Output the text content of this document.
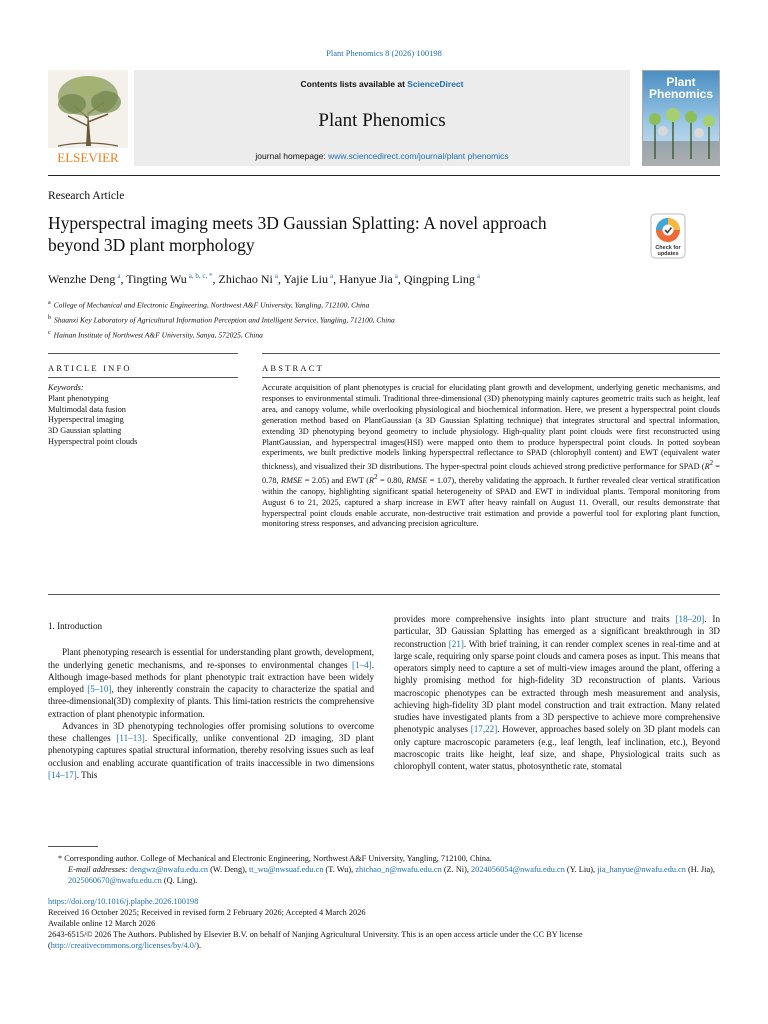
Plant Phenomics 8 (2026) 100198
ELSEVIER
Contents lists available at ScienceDirect
Plant Phenomics
journal homepage: www.sciencedirect.com/journal/plant phenomics
Plant
Phenomics
Research Article
Hyperspectral imaging meets 3D Gaussian Splatting: A novel approach
beyond 3D plant morphology	Check for
updates
Wenzhe Deng $^a$, Tingting Wu $^{a, b, c, *}$, Zhichao Ni $^a$, Yajie Liu $^a$, Hanyue Jia $^a$, Qingping Ling $^a$
$^a$ College of Mechanical and Electronic Engineering, Northwest A&F University, Yangling, 712100, China
$^b$ Shaanxi Key Laboratory of Agricultural Information Perception and Intelligent Service, Yangling, 712100, China
$^c$ Hainan Institute of Northwest A&F University, Sanya, 572025, China
ARTICLE INFO	ABSTRACT
Keywords:
Plant phenotyping
Multimodal data fusion
Hyperspectral imaging
3D Gaussian splatting
Hyperspectral point clouds
Accurate acquisition of plant phenotypes is crucial for elucidating plant growth and development, underlying genetic mechanisms, and responses to environmental stimuli. Traditional three-dimensional (3D) phenotyping mainly captures geometric traits such as height, leaf area, and canopy volume, while overlooking physiological and biochemical information. Here, we present a hyperspectral point clouds generation method based on PlantGaussian (a 3D Gaussian Splatting technique) that integrates structural and spectral information, extending 3D phenotyping beyond geometry to include physiology. High-quality plant point clouds were first reconstructed using PlantGaussian, and hyperspectral images(HSI) were mapped onto them to produce hyperspectral point clouds. In potted soybean experiments, we built predictive models linking hyperspectral reflectance to SPAD (chlorophyll content) and EWT (equivalent water thickness), and visualized their 3D distributions. The hyper-spectral point clouds achieved strong predictive performance for SPAD ($R^2 = 0.78$, RMSE = 2.05) and EWT ($R^2 = 0.80$, RMSE = 1.07), thereby validating the approach. It further revealed clear vertical stratification within the canopy, highlighting significant spatial heterogeneity of SPAD and EWT in individual plants. Temporal monitoring from August 6 to 21, 2025, captured a sharp increase in EWT after heavy rainfall on August 11. Overall, our results demonstrate that hyperspectral point clouds enable accurate, non-destructive trait estimation and provide a powerful tool for exploring plant function, monitoring stress responses, and advancing precision agriculture.

1. Introduction

Plant phenotyping research is essential for understanding plant growth, development, the underlying genetic mechanisms, and re-sponses to environmental changes [1–4]. Although image-based methods for plant phenotypic trait extraction have been widely employed [5–10], they inherently constrain the capacity to characterize the spatial and three-dimensional(3D) complexity of plants. This limi-tation restricts the comprehensive extraction of plant phenotypic information.

Advances in 3D phenotyping technologies offer promising solutions to overcome these challenges [11–13]. Specifically, unlike conventional 2D imaging, 3D plant phenotyping captures spatial structural information, thereby resolving issues such as leaf occlusion and enabling accurate quantification of traits inaccessible in two dimensions [14–17]. This

provides more comprehensive insights into plant structure and traits [18–20]. In particular, 3D Gaussian Splatting has emerged as a significant breakthrough in 3D reconstruction [21]. With brief training, it can render complex scenes in real-time and at large scale, requiring only sparse point clouds and camera poses as input. This means that operators simply need to capture a set of multi-view images around the plant, offering a highly promising method for high-fidelity 3D reconstruction of plants. Various macroscopic phenotypes can be extracted through mesh measurement and analysis, achieving high-fidelity 3D plant model construction and trait extraction. Many related studies have investigated plants from a 3D perspective to achieve more comprehensive phenotypic analyses [17,22]. However, approaches based solely on 3D plant models can only capture macroscopic parameters (e.g., leaf length, leaf inclination, etc.), Beyond macroscopic traits like height, leaf size, and shape, Physiological traits such as chlorophyll content, water status, photosynthetic rate, stomatal

* Corresponding author. College of Mechanical and Electronic Engineering, Northwest A&F University, Yangling, 712100, China.

E-mail addresses: dengwz@nwafu.edu.cn (W. Deng), tt_wu@nwsuaf.edu.cn (T. Wu), zhichao_n@nwafu.edu.cn (Z. Ni), 2024056054@nwafu.edu.cn (Y. Liu), jia_hanyue@nwafu.edu.cn (H. Jia), 2025060670@nwafu.edu.cn (Q. Ling).

https://doi.org/10.1016/j.plaphe.2026.100198

Received 16 October 2025; Received in revised form 2 February 2026; Accepted 4 March 2026

Available online 12 March 2026

2643-6515/© 2026 The Authors. Published by Elsevier B.V. on behalf of Nanjing Agricultural University. This is an open access article under the CC BY license (http://creativecommons.org/licenses/by/4.0/).
